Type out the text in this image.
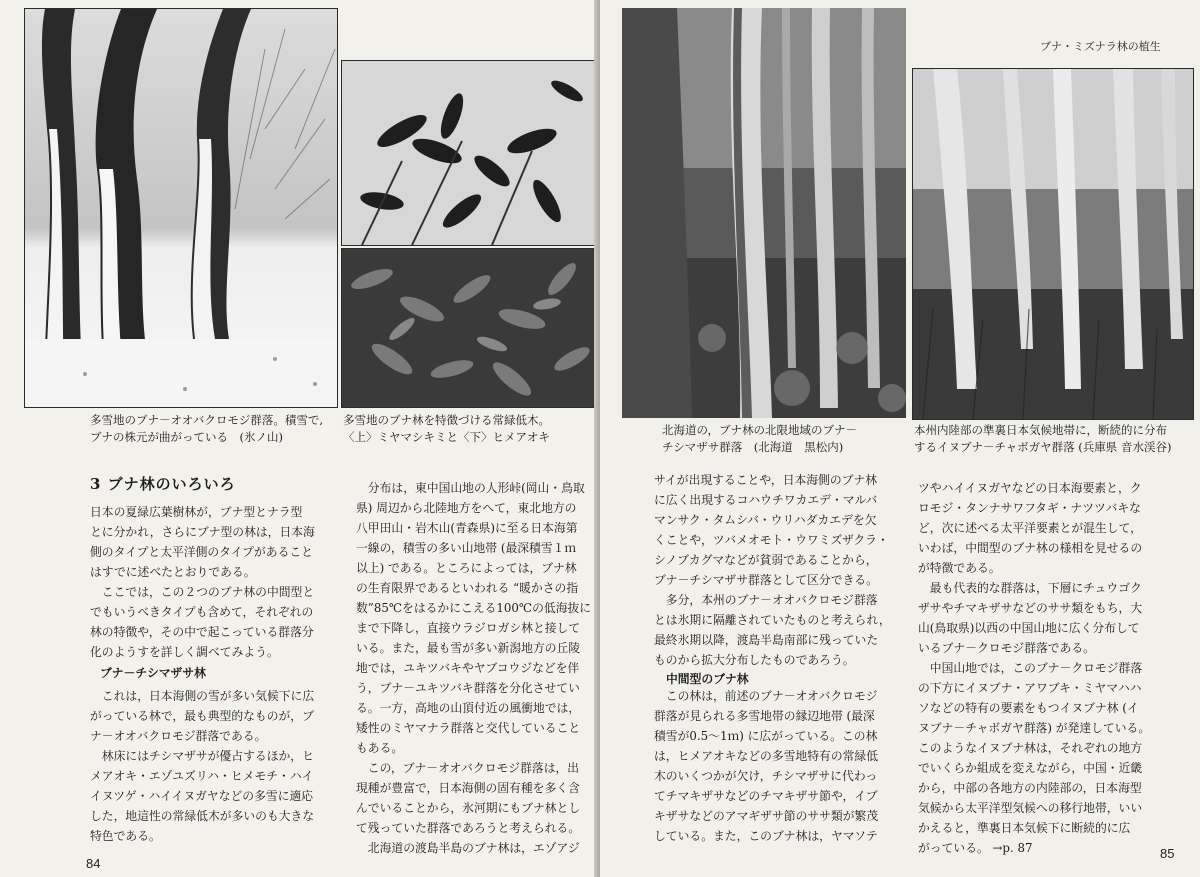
多雪地のブナ－オオバクロモジ群落。積雪で,
ブナの株元が曲がっている　(氷ノ山)
多雪地のブナ林を特徴づける常緑低木。
〈上〉ミヤマシキミと〈下〉ヒメアオキ
3 ブナ林のいろいろ

日本の夏緑広葉樹林が，ブナ型とナラ型

とに分かれ，さらにブナ型の林は，日本海

側のタイプと太平洋側のタイプがあること

はすでに述べたとおりである。

　ここでは，この２つのブナ林の中間型と

でもいうべきタイプも含めて，それぞれの

林の特徴や，その中で起こっている群落分

化のようすを詳しく調べてみよう。

ブナ－チシマザサ林

　これは，日本海側の雪が多い気候下に広

がっている林で，最も典型的なものが，ブ

ナ－オオバクロモジ群落である。

　林床にはチシマザサが優占するほか，ヒ

メアオキ・エゾユズリハ・ヒメモチ・ハイ

イヌツゲ・ハイイヌガヤなどの多雪に適応

した，地這性の常緑低木が多いのも大きな

特色である。

　分布は，東中国山地の人形峠(岡山・鳥取

県) 周辺から北陸地方をへて，東北地方の

八甲田山・岩木山(青森県)に至る日本海第

一線の，積雪の多い山地帯 (最深積雪１ｍ

以上) である。ところによっては，ブナ林

の生育限界であるといわれる “暖かさの指

数”85℃をはるかにこえる100℃の低海抜に

まで下降し，直接ウラジロガシ林と接して

いる。また，最も雪が多い新潟地方の丘陵

地では，ユキツバキやヤブコウジなどを伴

う，ブナ－ユキツバキ群落を分化させてい

る。一方，高地の山頂付近の風衝地では，

矮性のミヤマナラ群落と交代していること

もある。

　この，ブナ－オオバクロモジ群落は，出

現種が豊富で，日本海側の固有種を多く含

んでいることから，氷河期にもブナ林とし

て残っていた群落であろうと考えられる。

　北海道の渡島半島のブナ林は，エゾアジ

84
ブナ・ミズナラ林の植生
北海道の，ブナ林の北限地域のブナ－
チシマザサ群落　(北海道　黒松内)
本州内陸部の準裏日本気候地帯に，断続的に分布
するイヌブナ－チャボガヤ群落 (兵庫県 音水渓谷)

サイが出現することや，日本海側のブナ林

に広く出現するコハウチワカエデ・マルバ

マンサク・タムシバ・ウリハダカエデを欠

くことや，ツバメオモト・ウワミズザクラ・

シノブカグマなどが貧弱であることから，

ブナ－チシマザサ群落として区分できる。

　多分，本州のブナ－オオバクロモジ群落

とは氷期に隔離されていたものと考えられ，

最終氷期以降，渡島半島南部に残っていた

ものから拡大分布したものであろう。

中間型のブナ林

　この林は，前述のブナ－オオバクロモジ

群落が見られる多雪地帯の縁辺地帯 (最深

積雪が0.5～1ｍ) に広がっている。この林

は，ヒメアオキなどの多雪地特有の常緑低

木のいくつかが欠け，チシマザサに代わっ

てチマキザサなどのチマキザサ節や，イブ

キザサなどのアマギザサ節のササ類が繁茂

している。また，このブナ林は，ヤマソテ

ツやハイイヌガヤなどの日本海要素と，ク

ロモジ・タンナサワフタギ・ナツツバキな

ど，次に述べる太平洋要素とが混生して，

いわば，中間型のブナ林の様相を見せるの

が特徴である。

　最も代表的な群落は，下層にチュウゴク

ザサやチマキザサなどのササ類をもち，大

山(鳥取県)以西の中国山地に広く分布して

いるブナ－クロモジ群落である。

　中国山地では，このブナ－クロモジ群落

の下方にイヌブナ・アワブキ・ミヤマハハ

ソなどの特有の要素をもつイヌブナ林 (イ

ヌブナ－チャボガヤ群落) が発達している。

このようなイヌブナ林は，それぞれの地方

でいくらか組成を変えながら，中国・近畿

から，中部の各地方の内陸部の，日本海型

気候から太平洋型気候への移行地帯，いい

かえると，準裏日本気候下に断続的に広

がっている。 →p. 87	85
